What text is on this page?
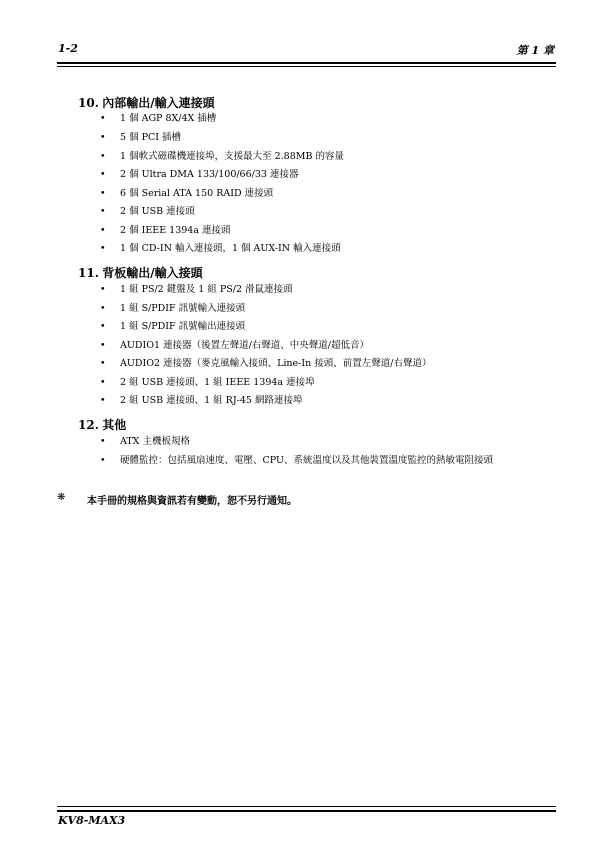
1-2	第 1 章
10. 內部輸出/輸入連接頭
• 1 個 AGP 8X/4X 插槽
• 5 個 PCI 插槽
• 1 個軟式磁碟機連接埠，支援最大至 2.88MB 的容量
• 2 個 Ultra DMA 133/100/66/33 連接器
• 6 個 Serial ATA 150 RAID 連接頭
• 2 個 USB 連接頭
• 2 個 IEEE 1394a 連接頭
• 1 個 CD-IN 輸入連接頭，1 個 AUX-IN 輸入連接頭
11. 背板輸出/輸入接頭
• 1 組 PS/2 鍵盤及 1 組 PS/2 滑鼠連接頭
• 1 組 S/PDIF 訊號輸入連接頭
• 1 組 S/PDIF 訊號輸出連接頭
• AUDIO1 連接器（後置左聲道/右聲道、中央聲道/超低音）
• AUDIO2 連接器（麥克風輸入接頭、Line-In 接頭、前置左聲道/右聲道）
• 2 組 USB 連接頭、1 組 IEEE 1394a 連接埠
• 2 組 USB 連接頭、1 組 RJ-45 網路連接埠
12. 其他
• ATX 主機板規格
• 硬體監控：包括風扇速度、電壓、CPU、系統溫度以及其他裝置溫度監控的熱敏電阻接頭
❋ 本手冊的規格與資訊若有變動，恕不另行通知。
KV8-MAX3
